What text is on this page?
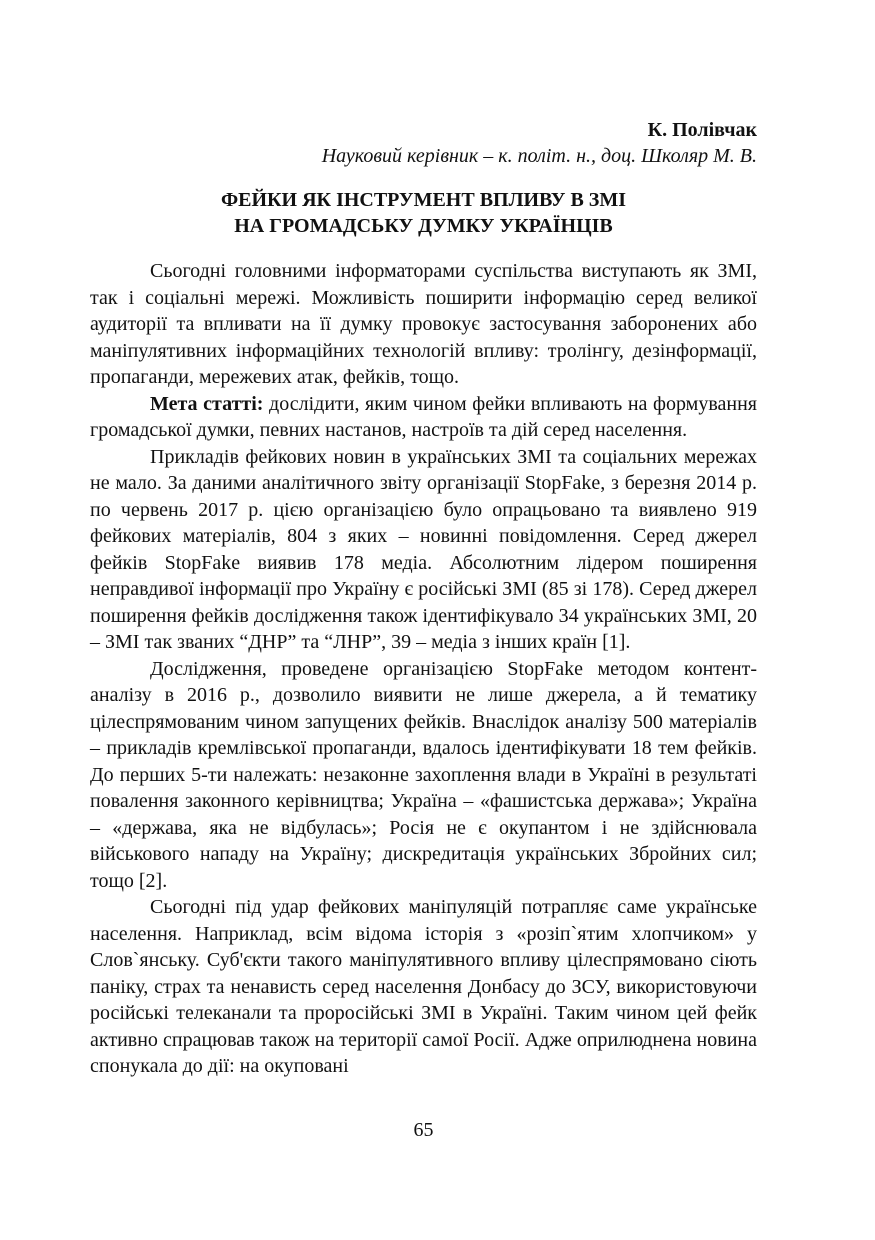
К. Полівчак
Науковий керівник – к. політ. н., доц. Школяр М. В.
ФЕЙКИ ЯК ІНСТРУМЕНТ ВПЛИВУ В ЗМІ
НА ГРОМАДСЬКУ ДУМКУ УКРАЇНЦІВ

Сьогодні головними інформаторами суспільства виступають як ЗМІ, так і соціальні мережі. Можливість поширити інформацію серед великої аудиторії та впливати на її думку провокує застосування заборонених або маніпулятивних інформаційних технологій впливу: тролінгу, дезінформації, пропаганди, мережевих атак, фейків, тощо.

Мета статті: дослідити, яким чином фейки впливають на формування громадської думки, певних настанов, настроїв та дій серед населення.

Прикладів фейкових новин в українських ЗМІ та соціальних мережах не мало. За даними аналітичного звіту організації StopFake, з березня 2014 р. по червень 2017 р. цією організацією було опрацьовано та виявлено 919 фейкових матеріалів, 804 з яких – новинні повідомлення. Серед джерел фейків StopFake виявив 178 медіа. Абсолютним лідером поширення неправдивої інформації про Україну є російські ЗМІ (85 зі 178). Серед джерел поширення фейків дослідження також ідентифікувало 34 українських ЗМІ, 20 – ЗМІ так званих “ДНР” та “ЛНР”, 39 – медіа з інших країн [1].

Дослідження, проведене організацією StopFake методом контент-аналізу в 2016 р., дозволило виявити не лише джерела, а й тематику цілеспрямованим чином запущених фейків. Внаслідок аналізу 500 матеріалів – прикладів кремлівської пропаганди, вдалось ідентифікувати 18 тем фейків. До перших 5-ти належать: незаконне захоплення влади в Україні в результаті повалення законного керівництва; Україна – «фашистська держава»; Україна – «держава, яка не відбулась»; Росія не є окупантом і не здійснювала військового нападу на Україну; дискредитація українських Збройних сил; тощо [2].

Сьогодні під удар фейкових маніпуляцій потрапляє саме українське населення. Наприклад, всім відома історія з «розіп`ятим хлопчиком» у Слов`янську. Суб'єкти такого маніпулятивного впливу цілеспрямовано сіють паніку, страх та ненависть серед населення Донбасу до ЗСУ, використовуючи російські телеканали та проросійські ЗМІ в Україні. Таким чином цей фейк активно спрацював також на території самої Росії. Адже оприлюднена новина спонукала до дії: на окуповані

65
